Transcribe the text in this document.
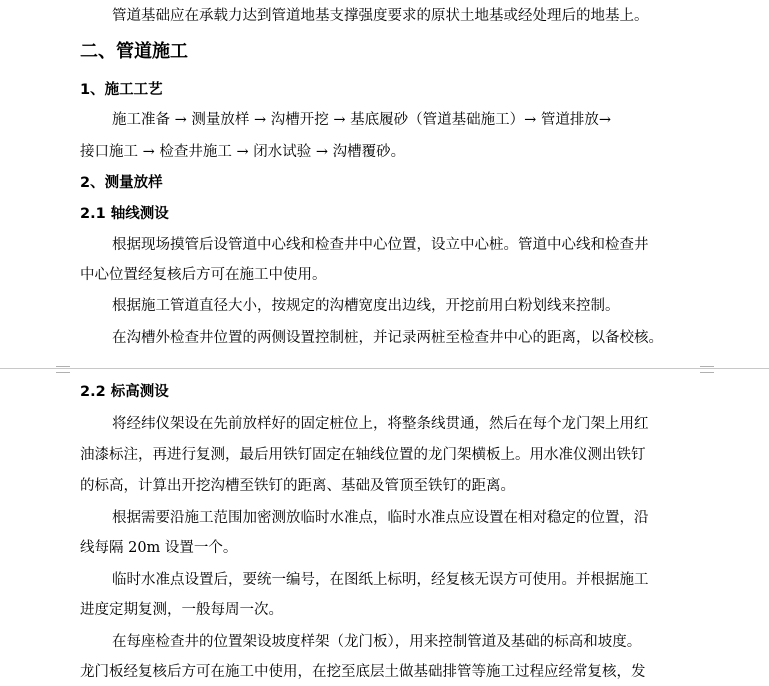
管道基础应在承载力达到管道地基支撑强度要求的原状土地基或经处理后的地基上。
二、管道施工
1、施工工艺
施工准备 → 测量放样 → 沟槽开挖 → 基底履砂（管道基础施工）→ 管道排放→
接口施工 → 检查井施工 → 闭水试验 → 沟槽覆砂。
2、测量放样
2.1 轴线测设
根据现场摸管后设管道中心线和检查井中心位置，设立中心桩。管道中心线和检查井
中心位置经复核后方可在施工中使用。
根据施工管道直径大小，按规定的沟槽宽度出边线，开挖前用白粉划线来控制。
在沟槽外检查井位置的两侧设置控制桩，并记录两桩至检查井中心的距离，以备校核。
2.2 标高测设
将经纬仪架设在先前放样好的固定桩位上，将整条线贯通，然后在每个龙门架上用红
油漆标注，再进行复测，最后用铁钉固定在轴线位置的龙门架横板上。用水准仪测出铁钉
的标高，计算出开挖沟槽至铁钉的距离、基础及管顶至铁钉的距离。
根据需要沿施工范围加密测放临时水准点，临时水准点应设置在相对稳定的位置，沿
线每隔 20m 设置一个。
临时水准点设置后，要统一编号，在图纸上标明，经复核无误方可使用。并根据施工
进度定期复测，一般每周一次。
在每座检查井的位置架设坡度样架（龙门板），用来控制管道及基础的标高和坡度。
龙门板经复核后方可在施工中使用，在挖至底层土做基础排管等施工过程应经常复核，发
